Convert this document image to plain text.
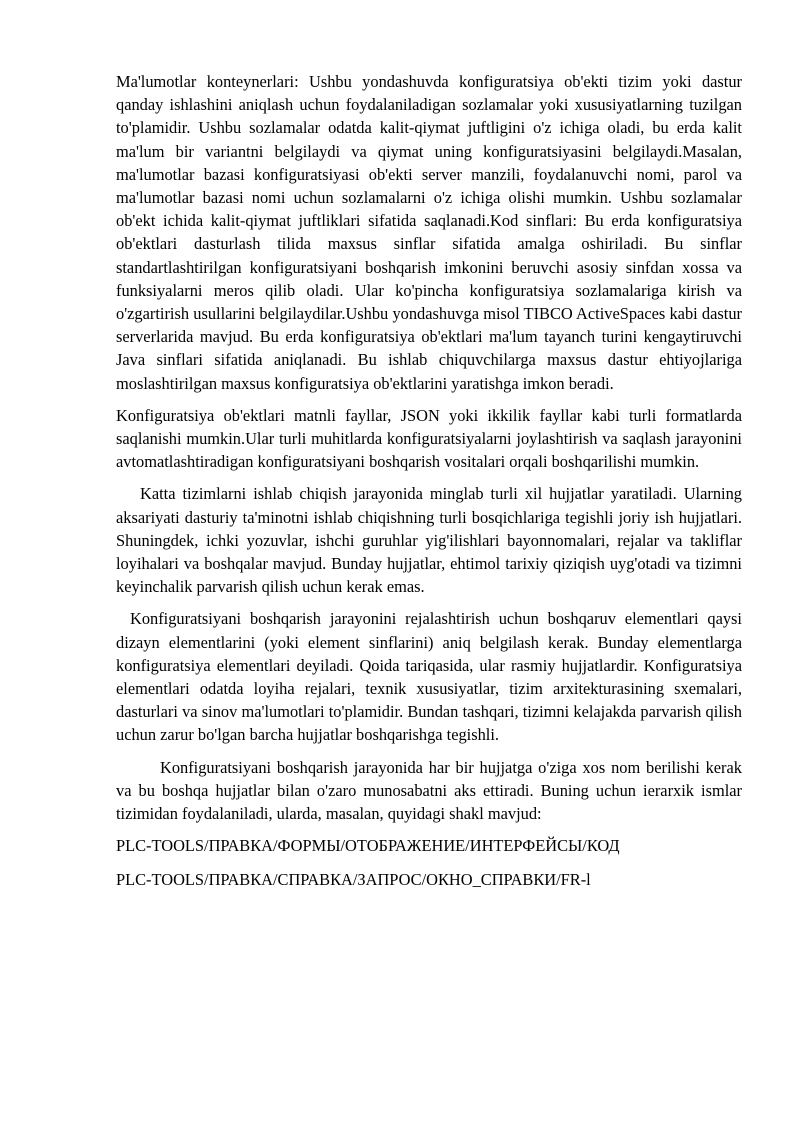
Ma'lumotlar konteynerlari: Ushbu yondashuvda konfiguratsiya ob'ekti tizim yoki dastur qanday ishlashini aniqlash uchun foydalaniladigan sozlamalar yoki xususiyatlarning tuzilgan to'plamidir. Ushbu sozlamalar odatda kalit-qiymat juftligini o'z ichiga oladi, bu erda kalit ma'lum bir variantni belgilaydi va qiymat uning konfiguratsiyasini belgilaydi.Masalan, ma'lumotlar bazasi konfiguratsiyasi ob'ekti server manzili, foydalanuvchi nomi, parol va ma'lumotlar bazasi nomi uchun sozlamalarni o'z ichiga olishi mumkin. Ushbu sozlamalar ob'ekt ichida kalit-qiymat juftliklari sifatida saqlanadi.Kod sinflari: Bu erda konfiguratsiya ob'ektlari dasturlash tilida maxsus sinflar sifatida amalga oshiriladi. Bu sinflar standartlashtirilgan konfiguratsiyani boshqarish imkonini beruvchi asosiy sinfdan xossa va funksiyalarni meros qilib oladi. Ular ko'pincha konfiguratsiya sozlamalariga kirish va o'zgartirish usullarini belgilaydilar.Ushbu yondashuvga misol TIBCO ActiveSpaces kabi dastur serverlarida mavjud. Bu erda konfiguratsiya ob'ektlari ma'lum tayanch turini kengaytiruvchi Java sinflari sifatida aniqlanadi. Bu ishlab chiquvchilarga maxsus dastur ehtiyojlariga moslashtirilgan maxsus konfiguratsiya ob'ektlarini yaratishga imkon beradi.

Konfiguratsiya ob'ektlari matnli fayllar, JSON yoki ikkilik fayllar kabi turli formatlarda saqlanishi mumkin.Ular turli muhitlarda konfiguratsiyalarni joylashtirish va saqlash jarayonini avtomatlashtiradigan konfiguratsiyani boshqarish vositalari orqali boshqarilishi mumkin.

Katta tizimlarni ishlab chiqish jarayonida minglab turli xil hujjatlar yaratiladi. Ularning aksariyati dasturiy ta'minotni ishlab chiqishning turli bosqichlariga tegishli joriy ish hujjatlari. Shuningdek, ichki yozuvlar, ishchi guruhlar yig'ilishlari bayonnomalari, rejalar va takliflar loyihalari va boshqalar mavjud. Bunday hujjatlar, ehtimol tarixiy qiziqish uyg'otadi va tizimni keyinchalik parvarish qilish uchun kerak emas.

Konfiguratsiyani boshqarish jarayonini rejalashtirish uchun boshqaruv elementlari qaysi dizayn elementlarini (yoki element sinflarini) aniq belgilash kerak. Bunday elementlarga konfiguratsiya elementlari deyiladi. Qoida tariqasida, ular rasmiy hujjatlardir. Konfiguratsiya elementlari odatda loyiha rejalari, texnik xususiyatlar, tizim arxitekturasining sxemalari, dasturlari va sinov ma'lumotlari to'plamidir. Bundan tashqari, tizimni kelajakda parvarish qilish uchun zarur bo'lgan barcha hujjatlar boshqarishga tegishli.

Konfiguratsiyani boshqarish jarayonida har bir hujjatga o'ziga xos nom berilishi kerak va bu boshqa hujjatlar bilan o'zaro munosabatni aks ettiradi. Buning uchun ierarxik ismlar tizimidan foydalaniladi, ularda, masalan, quyidagi shakl mavjud:

PLC-TOOLS/ПРАВКА/ФОРМЫ/ОТОБРАЖЕНИЕ/ИНТЕРФЕЙСЫ/КОД

PLC-TOOLS/ПРАВКА/СПРАВКА/ЗАПРОС/ОКНО_СПРАВКИ/FR-l
